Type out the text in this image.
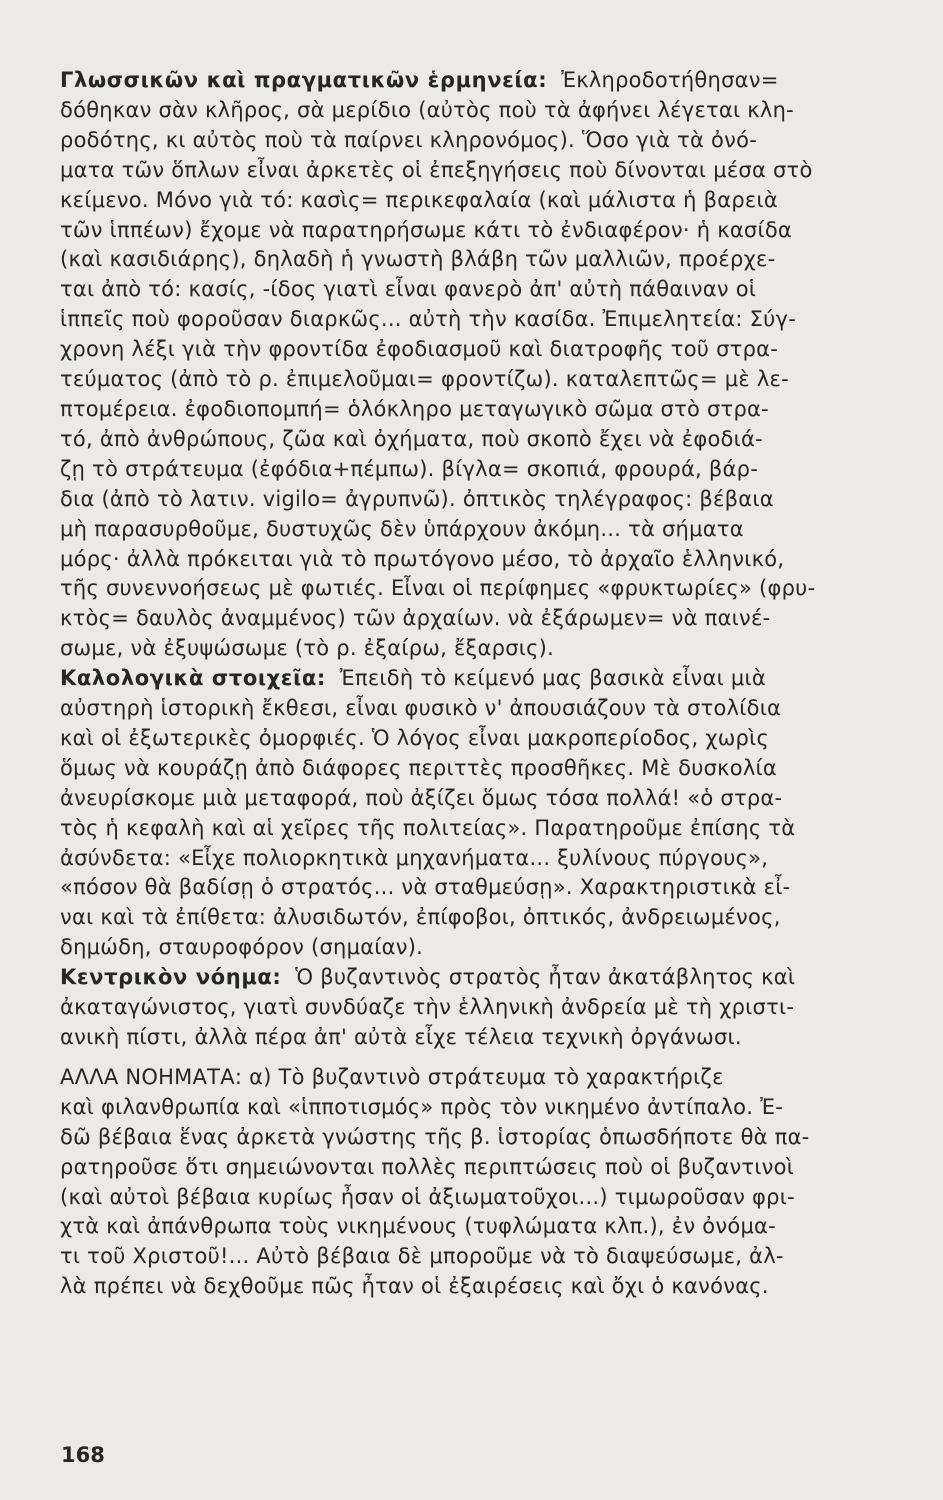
Γλωσσικῶν καὶ πραγματικῶν ἑρμηνεία: Ἐκληροδοτήθησαν=
δόθηκαν σὰν κλῆρος, σὰ μερίδιο (αὐτὸς ποὺ τὰ ἀφήνει λέγεται κλη-
ροδότης, κι αὐτὸς ποὺ τὰ παίρνει κληρονόμος). Ὅσο γιὰ τὰ ὀνό-
ματα τῶν ὅπλων εἶναι ἀρκετὲς οἱ ἐπεξηγήσεις ποὺ δίνονται μέσα στὸ
κείμενο. Μόνο γιὰ τό: κασὶς= περικεφαλαία (καὶ μάλιστα ἡ βαρειὰ
τῶν ἱππέων) ἔχομε νὰ παρατηρήσωμε κάτι τὸ ἐνδιαφέρον· ἡ κασίδα
(καὶ κασιδιάρης), δηλαδὴ ἡ γνωστὴ βλάβη τῶν μαλλιῶν, προέρχε-
ται ἀπὸ τό: κασίς, -ίδος γιατὶ εἶναι φανερὸ ἀπ' αὐτὴ πάθαιναν οἱ
ἱππεῖς ποὺ φοροῦσαν διαρκῶς... αὐτὴ τὴν κασίδα. Ἐπιμελητεία: Σύγ-
χρονη λέξι γιὰ τὴν φροντίδα ἐφοδιασμοῦ καὶ διατροφῆς τοῦ στρα-
τεύματος (ἀπὸ τὸ ρ. ἐπιμελοῦμαι= φροντίζω). καταλεπτῶς= μὲ λε-
πτομέρεια. ἐφοδιοπομπή= ὁλόκληρο μεταγωγικὸ σῶμα στὸ στρα-
τό, ἀπὸ ἀνθρώπους, ζῶα καὶ ὀχήματα, ποὺ σκοπὸ ἔχει νὰ ἐφοδιά-
ζῃ τὸ στράτευμα (ἐφόδια+πέμπω). βίγλα= σκοπιά, φρουρά, βάρ-
δια (ἀπὸ τὸ λατιν. vigilo= ἀγρυπνῶ). ὀπτικὸς τηλέγραφος: βέβαια
μὴ παρασυρθοῦμε, δυστυχῶς δὲν ὑπάρχουν ἀκόμη... τὰ σήματα
μόρς· ἀλλὰ πρόκειται γιὰ τὸ πρωτόγονο μέσο, τὸ ἀρχαῖο ἑλληνικό,
τῆς συνεννοήσεως μὲ φωτιές. Εἶναι οἱ περίφημες «φρυκτωρίες» (φρυ-
κτὸς= δαυλὸς ἀναμμένος) τῶν ἀρχαίων. νὰ ἐξάρωμεν= νὰ παινέ-
σωμε, νὰ ἐξυψώσωμε (τὸ ρ. ἐξαίρω, ἔξαρσις).
Καλολογικὰ στοιχεῖα: Ἐπειδὴ τὸ κείμενό μας βασικὰ εἶναι μιὰ
αὐστηρὴ ἱστορικὴ ἔκθεσι, εἶναι φυσικὸ ν' ἀπουσιάζουν τὰ στολίδια
καὶ οἱ ἐξωτερικὲς ὀμορφιές. Ὁ λόγος εἶναι μακροπερίοδος, χωρὶς
ὅμως νὰ κουράζῃ ἀπὸ διάφορες περιττὲς προσθῆκες. Μὲ δυσκολία
ἀνευρίσκομε μιὰ μεταφορά, ποὺ ἀξίζει ὅμως τόσα πολλά! «ὁ στρα-
τὸς ἡ κεφαλὴ καὶ αἱ χεῖρες τῆς πολιτείας». Παρατηροῦμε ἐπίσης τὰ
ἀσύνδετα: «Εἶχε πολιορκητικὰ μηχανήματα... ξυλίνους πύργους»,
«πόσον θὰ βαδίσῃ ὁ στρατός... νὰ σταθμεύσῃ». Χαρακτηριστικὰ εἶ-
ναι καὶ τὰ ἐπίθετα: ἀλυσιδωτόν, ἐπίφοβοι, ὀπτικός, ἀνδρειωμένος,
δημώδη, σταυροφόρον (σημαίαν).
Κεντρικὸν νόημα: Ὁ βυζαντινὸς στρατὸς ἦταν ἀκατάβλητος καὶ
ἀκαταγώνιστος, γιατὶ συνδύαζε τὴν ἑλληνικὴ ἀνδρεία μὲ τὴ χριστι-
ανικὴ πίστι, ἀλλὰ πέρα ἀπ' αὐτὰ εἶχε τέλεια τεχνικὴ ὀργάνωσι.
ΑΛΛΑ ΝΟΗΜΑΤΑ: α) Τὸ βυζαντινὸ στράτευμα τὸ χαρακτήριζε
καὶ φιλανθρωπία καὶ «ἱπποτισμός» πρὸς τὸν νικημένο ἀντίπαλο. Ἐ-
δῶ βέβαια ἕνας ἀρκετὰ γνώστης τῆς β. ἱστορίας ὁπωσδήποτε θὰ πα-
ρατηροῦσε ὅτι σημειώνονται πολλὲς περιπτώσεις ποὺ οἱ βυζαντινοὶ
(καὶ αὐτοὶ βέβαια κυρίως ἦσαν οἱ ἀξιωματοῦχοι...) τιμωροῦσαν φρι-
χτὰ καὶ ἀπάνθρωπα τοὺς νικημένους (τυφλώματα κλπ.), ἐν ὀνόμα-
τι τοῦ Χριστοῦ!... Αὐτὸ βέβαια δὲ μποροῦμε νὰ τὸ διαψεύσωμε, ἀλ-
λὰ πρέπει νὰ δεχθοῦμε πῶς ἦταν οἱ ἐξαιρέσεις καὶ ὄχι ὁ κανόνας.
168
